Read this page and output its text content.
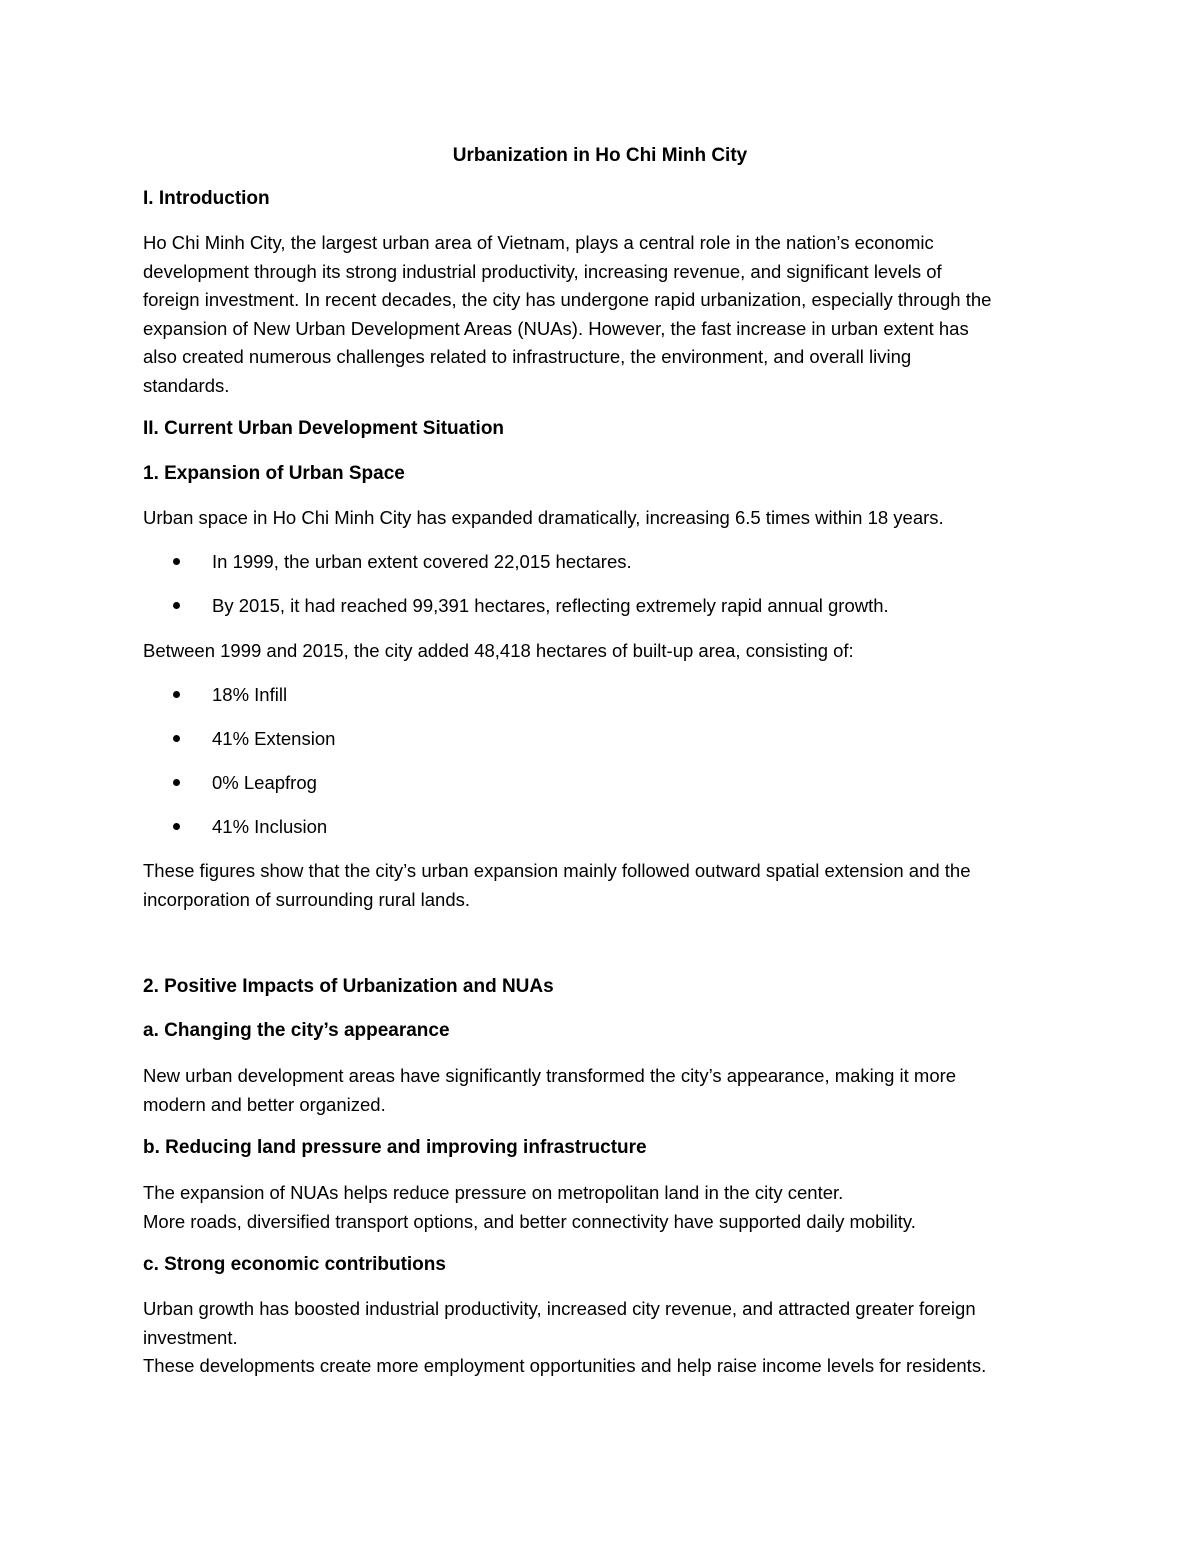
Urbanization in Ho Chi Minh City
I. Introduction
Ho Chi Minh City, the largest urban area of Vietnam, plays a central role in the nation’s economic
development through its strong industrial productivity, increasing revenue, and significant levels of
foreign investment. In recent decades, the city has undergone rapid urbanization, especially through the
expansion of New Urban Development Areas (NUAs). However, the fast increase in urban extent has
also created numerous challenges related to infrastructure, the environment, and overall living
standards.
II. Current Urban Development Situation
1. Expansion of Urban Space
Urban space in Ho Chi Minh City has expanded dramatically, increasing 6.5 times within 18 years.
In 1999, the urban extent covered 22,015 hectares.
By 2015, it had reached 99,391 hectares, reflecting extremely rapid annual growth.
Between 1999 and 2015, the city added 48,418 hectares of built-up area, consisting of:
18% Infill
41% Extension
0% Leapfrog
41% Inclusion
These figures show that the city’s urban expansion mainly followed outward spatial extension and the
incorporation of surrounding rural lands.
2. Positive Impacts of Urbanization and NUAs
a. Changing the city’s appearance
New urban development areas have significantly transformed the city’s appearance, making it more
modern and better organized.
b. Reducing land pressure and improving infrastructure
The expansion of NUAs helps reduce pressure on metropolitan land in the city center.
More roads, diversified transport options, and better connectivity have supported daily mobility.
c. Strong economic contributions
Urban growth has boosted industrial productivity, increased city revenue, and attracted greater foreign
investment.
These developments create more employment opportunities and help raise income levels for residents.
